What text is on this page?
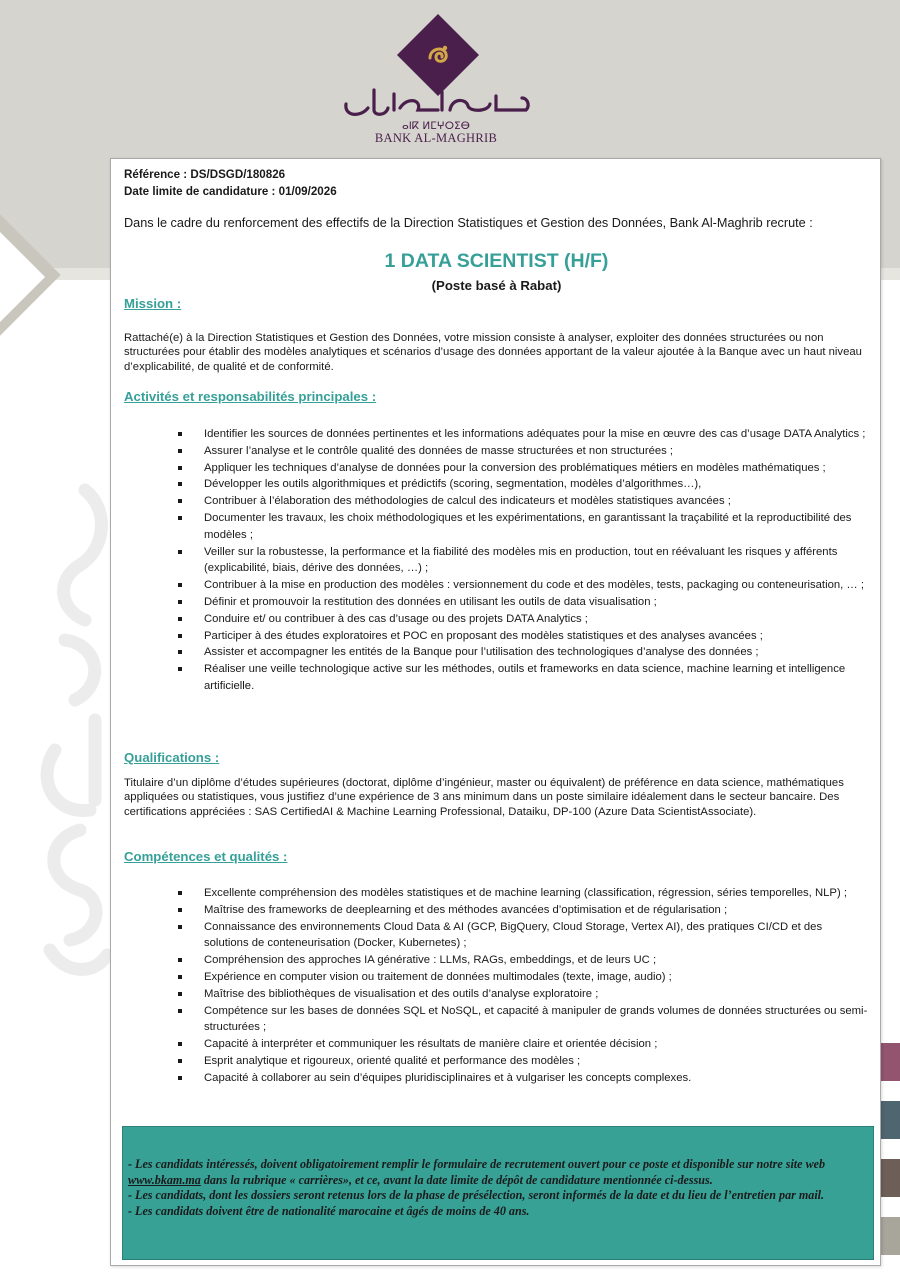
ⴰⵏⴽ ⵍⵎⵖⵔⵉⴱ
BANK AL-MAGHRIB
Référence : DS/DSGD/180826
Date limite de candidature : 01/09/2026
Dans le cadre du renforcement des effectifs de la Direction Statistiques et Gestion des Données, Bank Al-Maghrib recrute :
1 DATA SCIENTIST (H/F)
(Poste basé à Rabat)
Mission :
Rattaché(e) à la Direction Statistiques et Gestion des Données, votre mission consiste à analyser, exploiter des données structurées ou non structurées pour établir des modèles analytiques et scénarios d’usage des données apportant de la valeur ajoutée à la Banque avec un haut niveau d’explicabilité, de qualité et de conformité.
Activités et responsabilités principales :
Identifier les sources de données pertinentes et les informations adéquates pour la mise en œuvre des cas d’usage DATA Analytics ;
Assurer l’analyse et le contrôle qualité des données de masse structurées et non structurées ;
Appliquer les techniques d’analyse de données pour la conversion des problématiques métiers en modèles mathématiques ;
Développer les outils algorithmiques et prédictifs (scoring, segmentation, modèles d’algorithmes…),
Contribuer à l’élaboration des méthodologies de calcul des indicateurs et modèles statistiques avancées ;
Documenter les travaux, les choix méthodologiques et les expérimentations, en garantissant la traçabilité et la reproductibilité des modèles ;
Veiller sur la robustesse, la performance et la fiabilité des modèles mis en production, tout en réévaluant les risques y afférents (explicabilité, biais, dérive des données, …) ;
Contribuer à la mise en production des modèles : versionnement du code et des modèles, tests, packaging ou conteneurisation, … ;
Définir et promouvoir la restitution des données en utilisant les outils de data visualisation ;
Conduire et/ ou contribuer à des cas d’usage ou des projets DATA Analytics ;
Participer à des études exploratoires et POC en proposant des modèles statistiques et des analyses avancées ;
Assister et accompagner les entités de la Banque pour l’utilisation des technologiques d’analyse des données ;
Réaliser une veille technologique active sur les méthodes, outils et frameworks en data science, machine learning et intelligence artificielle.
Qualifications :
Titulaire d’un diplôme d’études supérieures (doctorat, diplôme d’ingénieur, master ou équivalent) de préférence en data science, mathématiques appliquées ou statistiques, vous justifiez d’une expérience de 3 ans minimum dans un poste similaire idéalement dans le secteur bancaire. Des certifications appréciées : SAS CertifiedAI & Machine Learning Professional, Dataiku, DP-100 (Azure Data ScientistAssociate).
Compétences et qualités :
Excellente compréhension des modèles statistiques et de machine learning (classification, régression, séries temporelles, NLP) ;
Maîtrise des frameworks de deeplearning et des méthodes avancées d’optimisation et de régularisation ;
Connaissance des environnements Cloud Data & AI (GCP, BigQuery, Cloud Storage, Vertex AI), des pratiques CI/CD et des solutions de conteneurisation (Docker, Kubernetes) ;
Compréhension des approches IA générative : LLMs, RAGs, embeddings, et de leurs UC ;
Expérience en computer vision ou traitement de données multimodales (texte, image, audio) ;
Maîtrise des bibliothèques de visualisation et des outils d’analyse exploratoire ;
Compétence sur les bases de données SQL et NoSQL, et capacité à manipuler de grands volumes de données structurées ou semi-structurées ;
Capacité à interpréter et communiquer les résultats de manière claire et orientée décision ;
Esprit analytique et rigoureux, orienté qualité et performance des modèles ;
Capacité à collaborer au sein d’équipes pluridisciplinaires et à vulgariser les concepts complexes.

- Les candidats intéressés, doivent obligatoirement remplir le formulaire de recrutement ouvert pour ce poste et disponible sur notre site web www.bkam.ma dans la rubrique « carrières», et ce, avant la date limite de dépôt de candidature mentionnée ci-dessus.

- Les candidats, dont les dossiers seront retenus lors de la phase de présélection, seront informés de la date et du lieu de l’entretien par mail.

- Les candidats doivent être de nationalité marocaine et âgés de moins de 40 ans.
